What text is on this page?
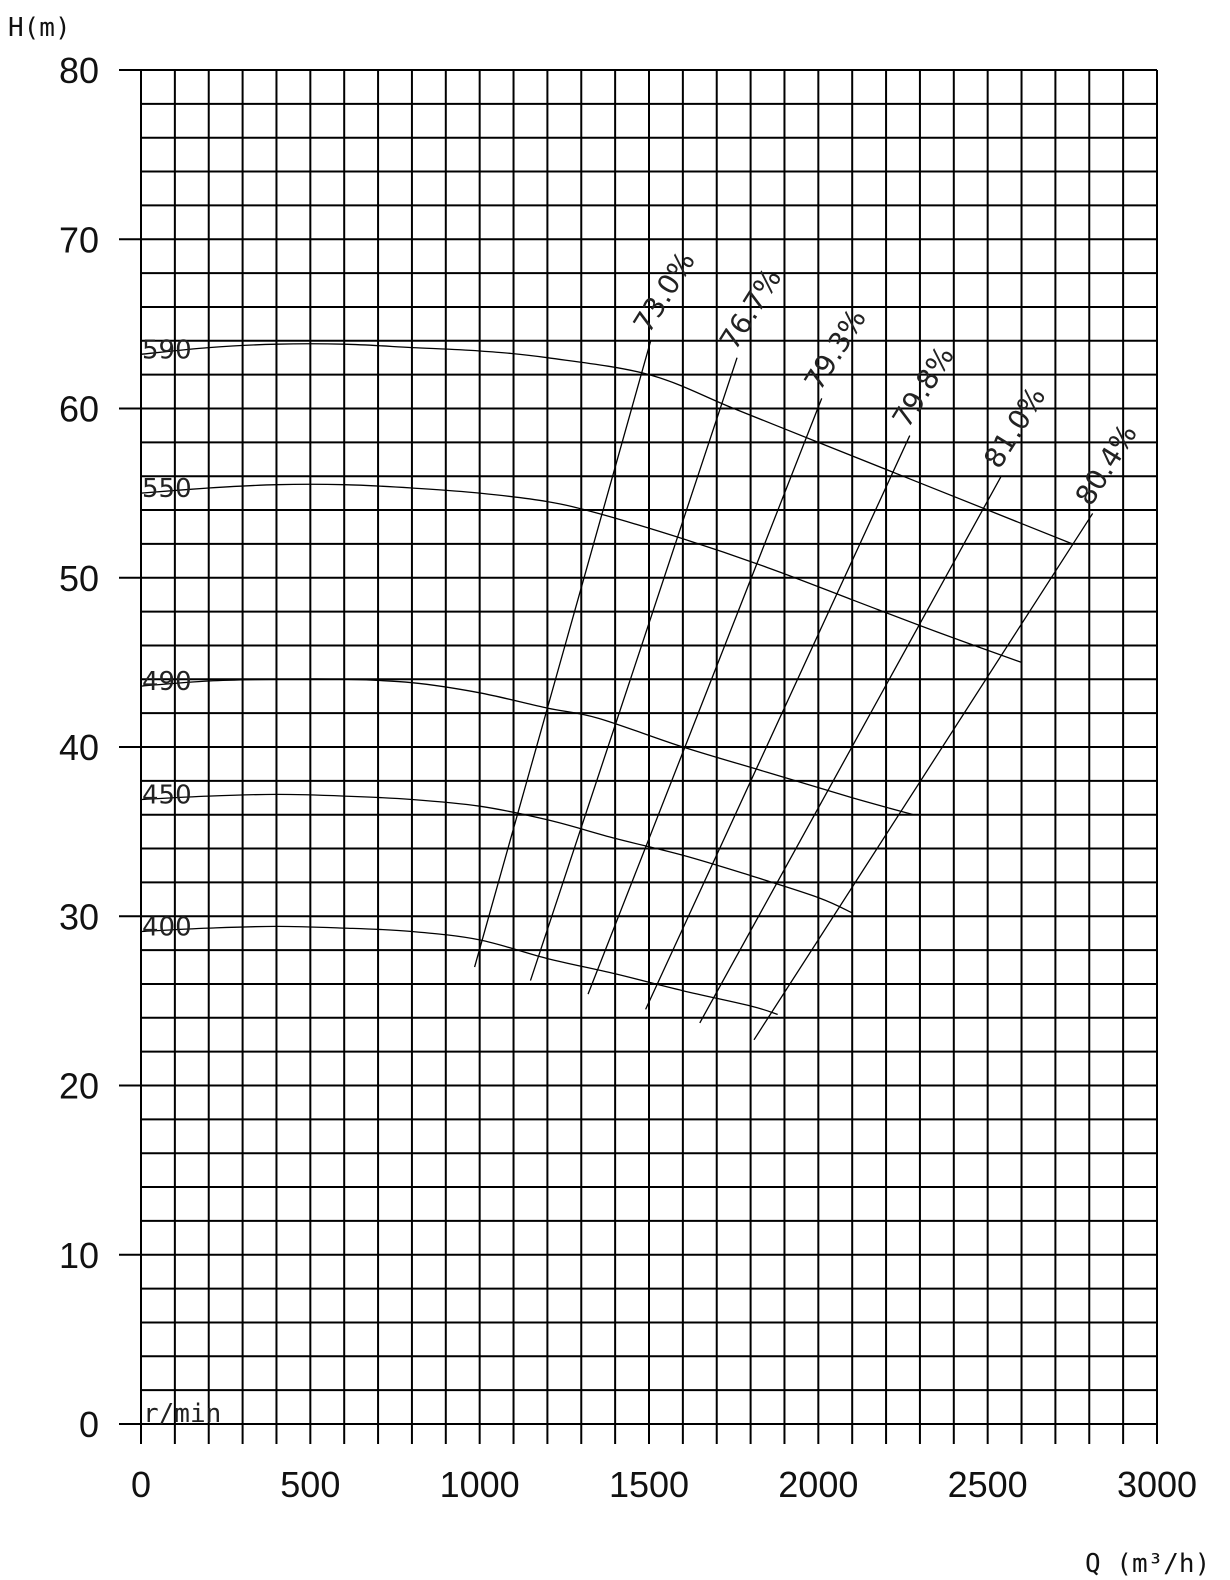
0
10
20
30
40
50
60
70
80
0	500	1000 1500 2000 2500 3000
590
550
490
450
400
73.0% 76.7% 79.3% 79.8% 81.0% 80.4%
H(m)
Q (m³/h)
r/min
